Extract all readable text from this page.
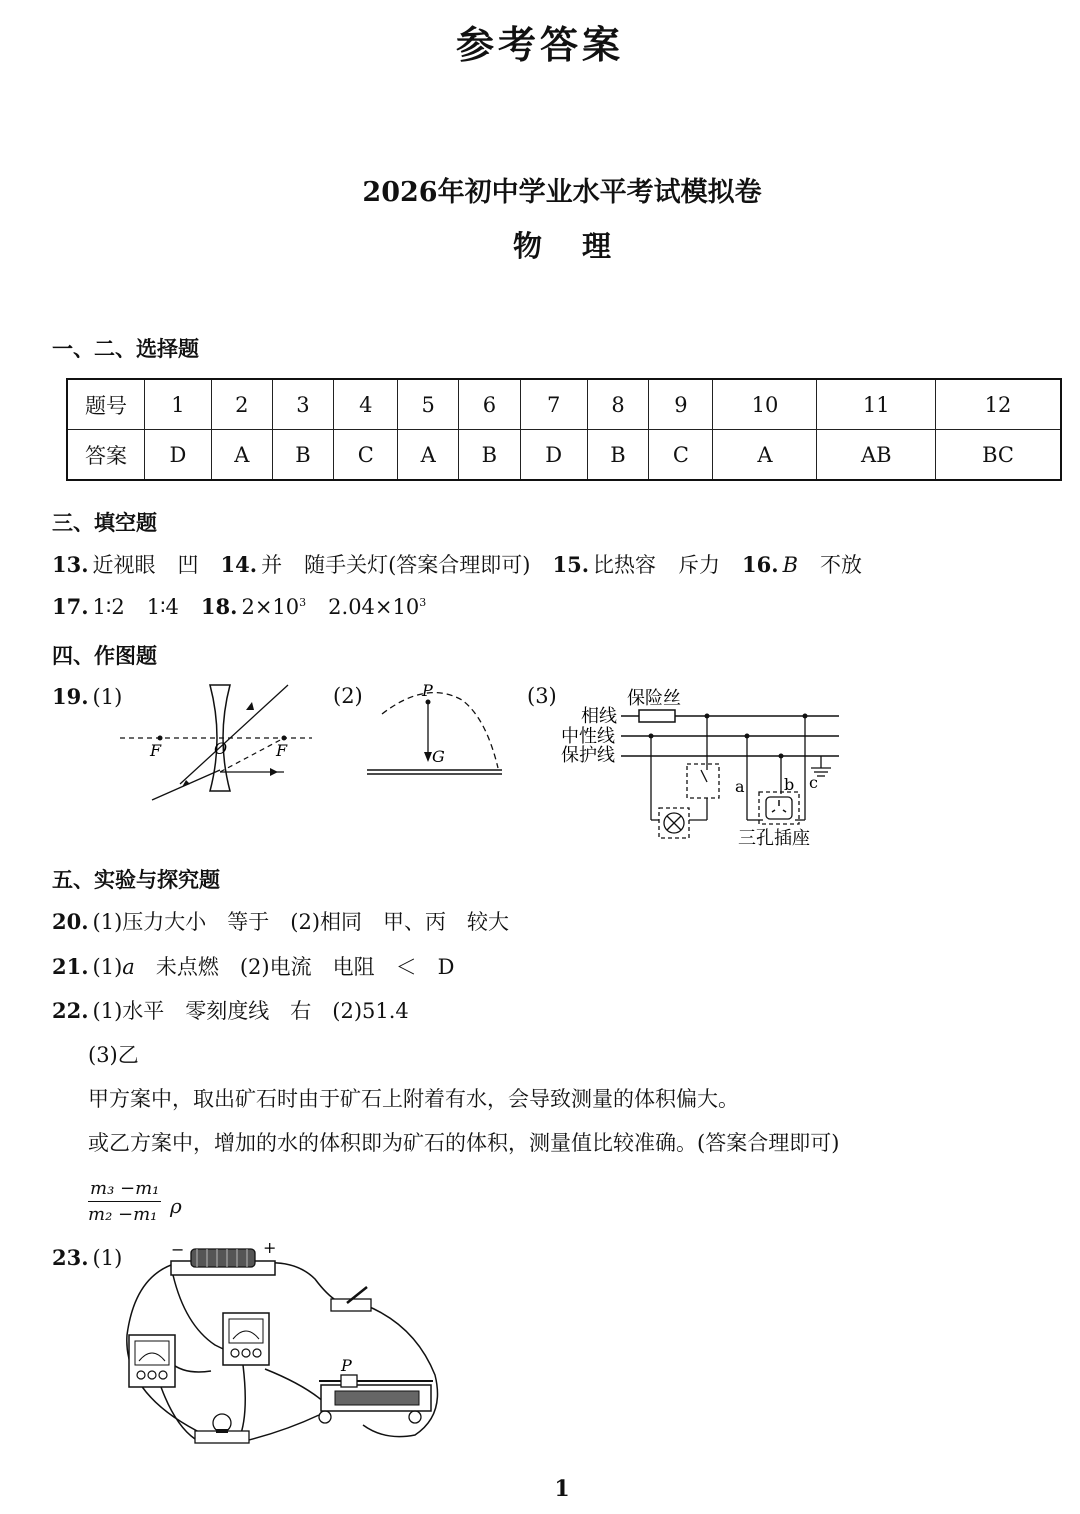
参考答案
2026年初中学业水平考试模拟卷
物 理
一、二、选择题
题号	1	2	3	4	5	6	7	8	9	10	11	12
答案	D	A	B	C	A	B	D	B	C	A	AB	BC
三、填空题
13. 近视眼 凹 14. 并 随手关灯(答案合理即可) 15. 比热容 斥力 16. B 不放
17. 1∶2 1∶4 18. $2\times 10^3$ $2.04\times 10^3$
四、作图题
19. (1)	(2)	(3)
F	O	F
P
G
保险丝
相线
中性线
保护线
三孔插座
a b c
五、实验与探究题
20. (1)压力大小　等于　(2)相同　甲、丙　较大
21. (1)a　未点燃　(2)电流　电阻　＜　D
22. (1)水平　零刻度线　右　(2)51.4
(3)乙
甲方案中，取出矿石时由于矿石上附着有水，会导致测量的体积偏大。
或乙方案中，增加的水的体积即为矿石的体积，测量值比较准确。(答案合理即可)
$\frac{\text{m₃ −m₁}}{\text{m₂ −m₁}}$ ρ
23. (1)	−	+
P
1
